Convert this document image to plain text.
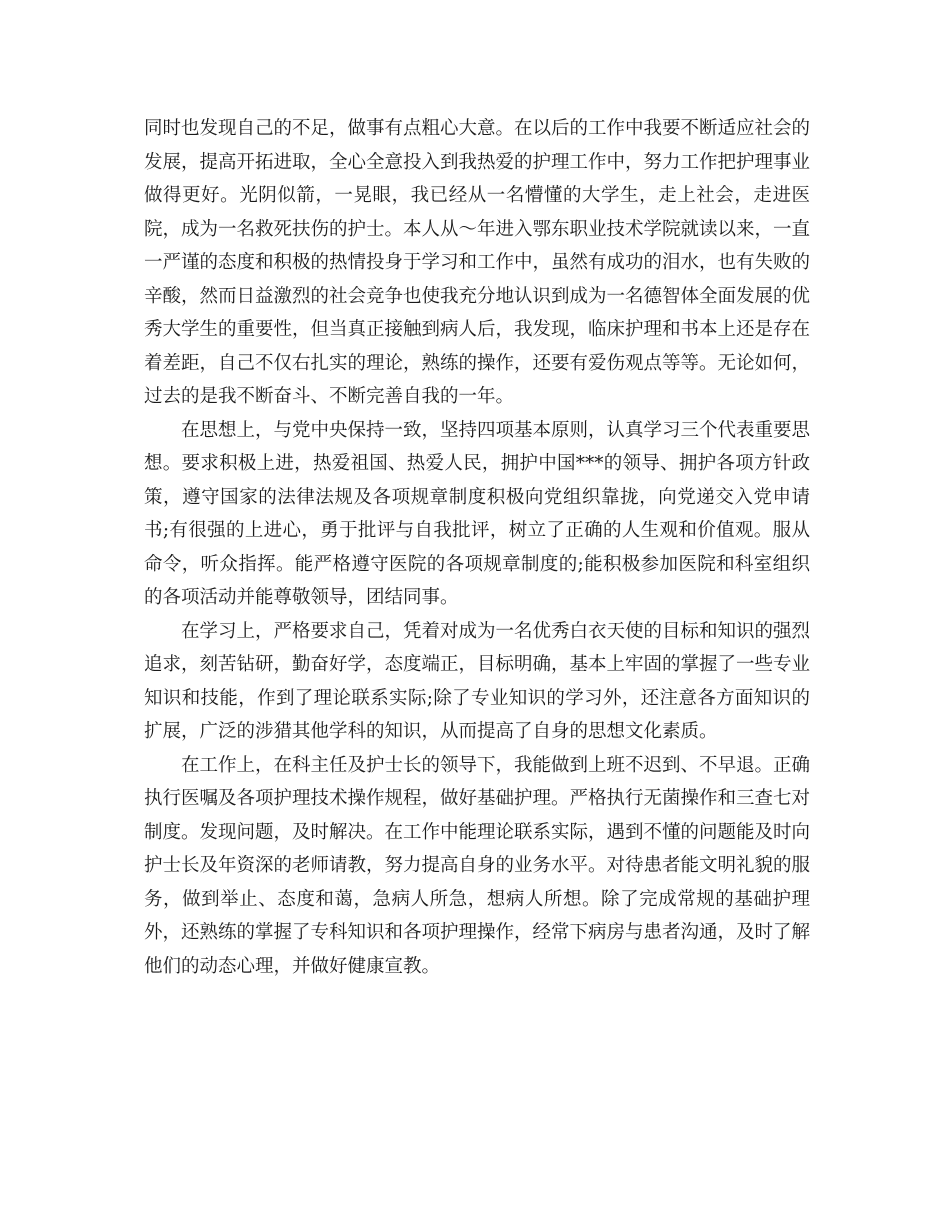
同时也发现自己的不足，做事有点粗心大意。在以后的工作中我要不断适应社会的发展，提高开拓进取，全心全意投入到我热爱的护理工作中，努力工作把护理事业做得更好。光阴似箭，一晃眼，我已经从一名懵懂的大学生，走上社会，走进医院，成为一名救死扶伤的护士。本人从～年进入鄂东职业技术学院就读以来，一直一严谨的态度和积极的热情投身于学习和工作中，虽然有成功的泪水，也有失败的辛酸，然而日益激烈的社会竞争也使我充分地认识到成为一名德智体全面发展的优秀大学生的重要性，但当真正接触到病人后，我发现，临床护理和书本上还是存在着差距，自己不仅右扎实的理论，熟练的操作，还要有爱伤观点等等。无论如何，过去的是我不断奋斗、不断完善自我的一年。

在思想上，与党中央保持一致，坚持四项基本原则，认真学习三个代表重要思想。要求积极上进，热爱祖国、热爱人民，拥护中国***的领导、拥护各项方针政策，遵守国家的法律法规及各项规章制度积极向党组织靠拢，向党递交入党申请书;有很强的上进心，勇于批评与自我批评，树立了正确的人生观和价值观。服从命令，听众指挥。能严格遵守医院的各项规章制度的;能积极参加医院和科室组织的各项活动并能尊敬领导，团结同事。

在学习上，严格要求自己，凭着对成为一名优秀白衣天使的目标和知识的强烈追求，刻苦钻研，勤奋好学，态度端正，目标明确，基本上牢固的掌握了一些专业知识和技能，作到了理论联系实际;除了专业知识的学习外，还注意各方面知识的扩展，广泛的涉猎其他学科的知识，从而提高了自身的思想文化素质。

在工作上，在科主任及护士长的领导下，我能做到上班不迟到、不早退。正确执行医嘱及各项护理技术操作规程，做好基础护理。严格执行无菌操作和三查七对制度。发现问题，及时解决。在工作中能理论联系实际，遇到不懂的问题能及时向护士长及年资深的老师请教，努力提高自身的业务水平。对待患者能文明礼貌的服务，做到举止、态度和蔼，急病人所急，想病人所想。除了完成常规的基础护理外，还熟练的掌握了专科知识和各项护理操作，经常下病房与患者沟通，及时了解他们的动态心理，并做好健康宣教。
